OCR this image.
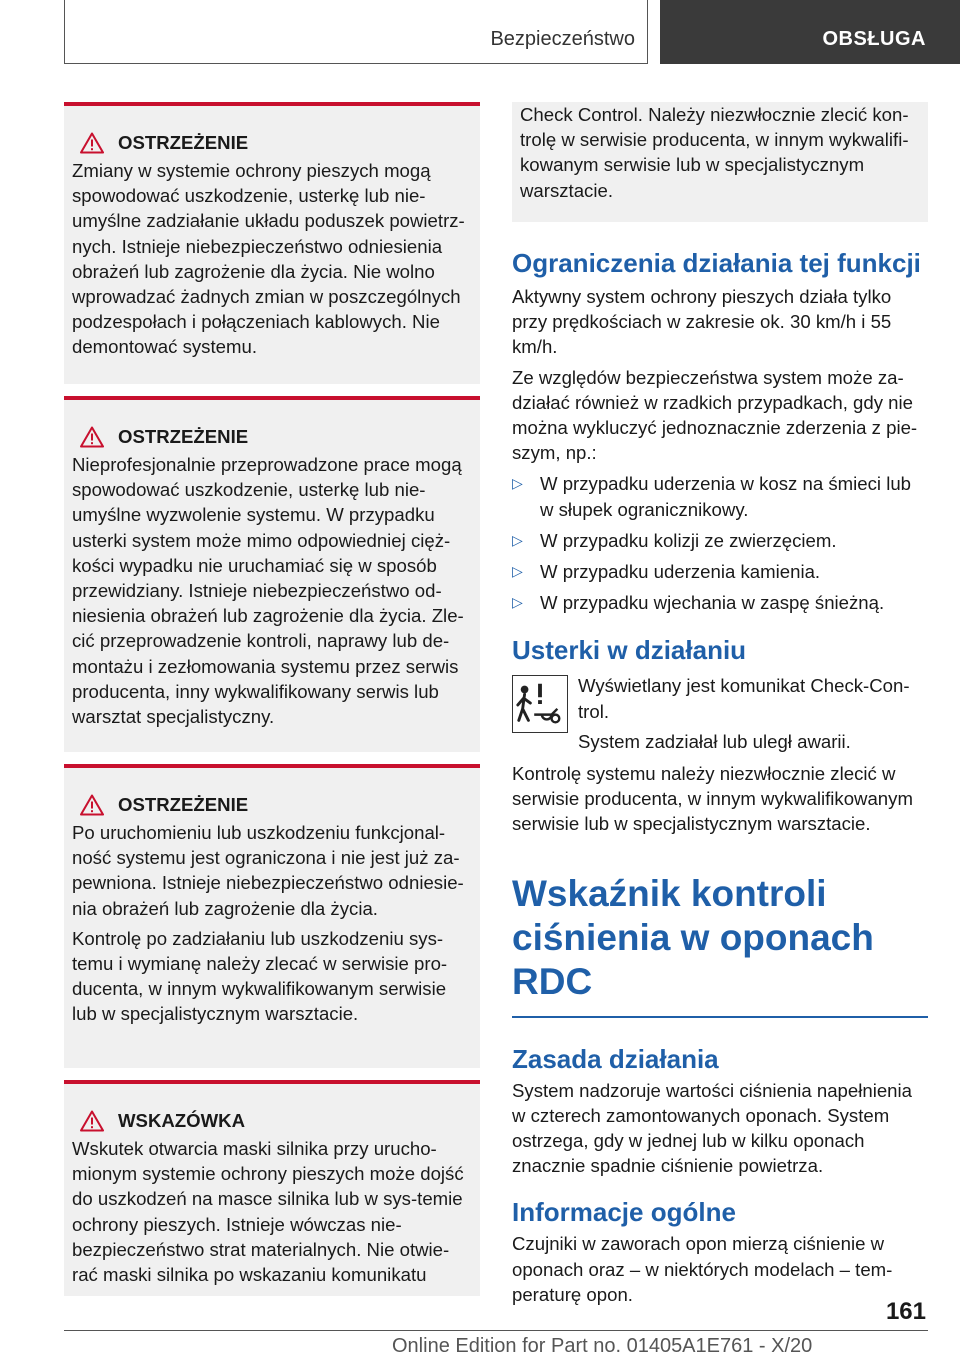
Bezpieczeństwo	OBSŁUGA
OSTRZEŻENIE

Zmiany w systemie ochrony pieszych mogą spowodować uszkodzenie, usterkę lub nie-umyślne zadziałanie układu poduszek powietrz-nych. Istnieje niebezpieczeństwo odniesienia obrażeń lub zagrożenie dla życia. Nie wolno wprowadzać żadnych zmian w poszczególnych podzespołach i połączeniach kablowych. Nie demontować systemu.

OSTRZEŻENIE

Nieprofesjonalnie przeprowadzone prace mogą spowodować uszkodzenie, usterkę lub nie-umyślne wyzwolenie systemu. W przypadku usterki system może mimo odpowiedniej cięż-kości wypadku nie uruchamiać się w sposób przewidziany. Istnieje niebezpieczeństwo od-niesienia obrażeń lub zagrożenie dla życia. Zle-cić przeprowadzenie kontroli, naprawy lub de-montażu i zezłomowania systemu przez serwis producenta, inny wykwalifikowany serwis lub warsztat specjalistyczny.

OSTRZEŻENIE

Po uruchomieniu lub uszkodzeniu funkcjonal-ność systemu jest ograniczona i nie jest już za-pewniona. Istnieje niebezpieczeństwo odniesie-nia obrażeń lub zagrożenie dla życia.

Kontrolę po zadziałaniu lub uszkodzeniu sys-temu i wymianę należy zlecać w serwisie pro-ducenta, w innym wykwalifikowanym serwisie lub w specjalistycznym warsztacie.

WSKAZÓWKA

Wskutek otwarcia maski silnika przy urucho-mionym systemie ochrony pieszych może dojść do uszkodzeń na masce silnika lub w sys-temie ochrony pieszych. Istnieje wówczas nie-bezpieczeństwo strat materialnych. Nie otwie-rać maski silnika po wskazaniu komunikatu

Check Control. Należy niezwłocznie zlecić kon-trolę w serwisie producenta, w innym wykwalifi-kowanym serwisie lub w specjalistycznym warsztacie.

Ograniczenia działania tej funkcji

Aktywny system ochrony pieszych działa tylko przy prędkościach w zakresie ok. 30 km/h i 55 km/h.

Ze względów bezpieczeństwa system może za-działać również w rzadkich przypadkach, gdy nie można wykluczyć jednoznacznie zderzenia z pie-szym, np.:

▷ W przypadku uderzenia w kosz na śmieci lub w słupek ogranicznikowy.
▷ W przypadku kolizji ze zwierzęciem.
▷ W przypadku uderzenia kamienia.
▷ W przypadku wjechania w zaspę śnieżną.
Usterki w działaniu

Wyświetlany jest komunikat Check-Con-trol.

System zadziałał lub uległ awarii.

Kontrolę systemu należy niezwłocznie zlecić w serwisie producenta, w innym wykwalifikowanym serwisie lub w specjalistycznym warsztacie.

Wskaźnik kontroli ciśnienia w oponach RDC
Zasada działania

System nadzoruje wartości ciśnienia napełnienia w czterech zamontowanych oponach. System ostrzega, gdy w jednej lub w kilku oponach znacznie spadnie ciśnienie powietrza.

Informacje ogólne

Czujniki w zaworach opon mierzą ciśnienie w oponach oraz – w niektórych modelach – tem-peraturę opon.

161
Online Edition for Part no. 01405A1E761 - X/20
